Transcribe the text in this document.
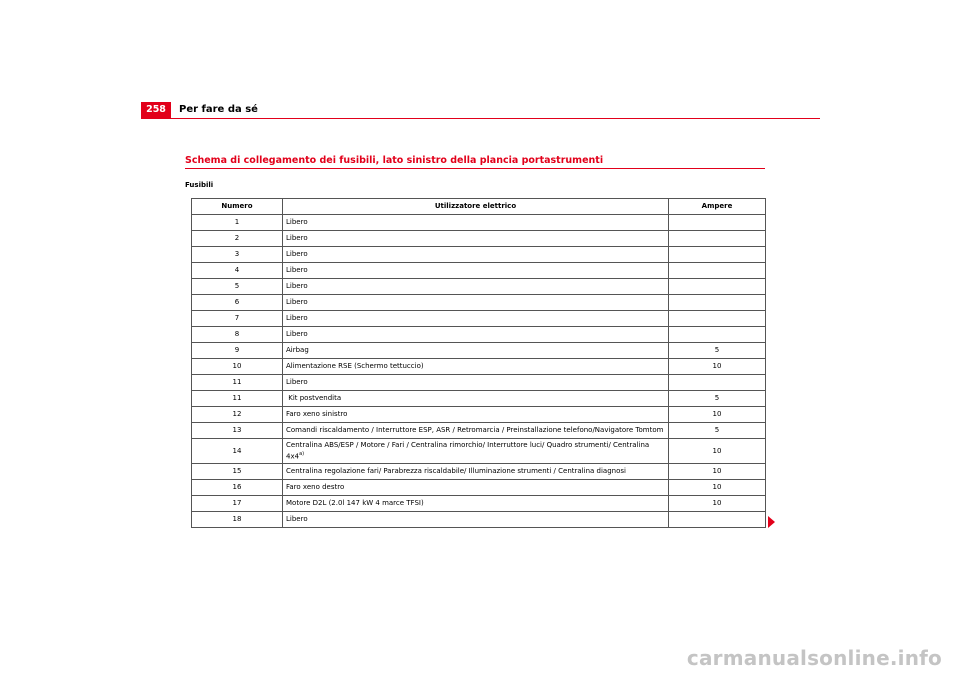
258	Per fare da sé
Schema di collegamento dei fusibili, lato sinistro della plancia portastrumenti
Fusibili
Numero	Utilizzatore elettrico	Ampere
1	Libero	
2	Libero	
3	Libero	
4	Libero	
5	Libero	
6	Libero	
7	Libero	
8	Libero	
9	Airbag	5
10	Alimentazione RSE (Schermo tettuccio)	10
11	Libero	
11	Kit postvendita	5
12	Faro xeno sinistro	10
13	Comandi riscaldamento / Interruttore ESP, ASR / Retromarcia / Preinstallazione telefono/Navigatore Tomtom	5
14	Centralina ABS/ESP / Motore / Fari / Centralina rimorchio/ Interruttore luci/ Quadro strumenti/ Centralina 4x4$^{a)}$	10
15	Centralina regolazione fari/ Parabrezza riscaldabile/ Illuminazione strumenti / Centralina diagnosi	10
16	Faro xeno destro	10
17	Motore D2L (2.0l 147 kW 4 marce TFSI)	10
18	Libero	
carmanualsonline.info
